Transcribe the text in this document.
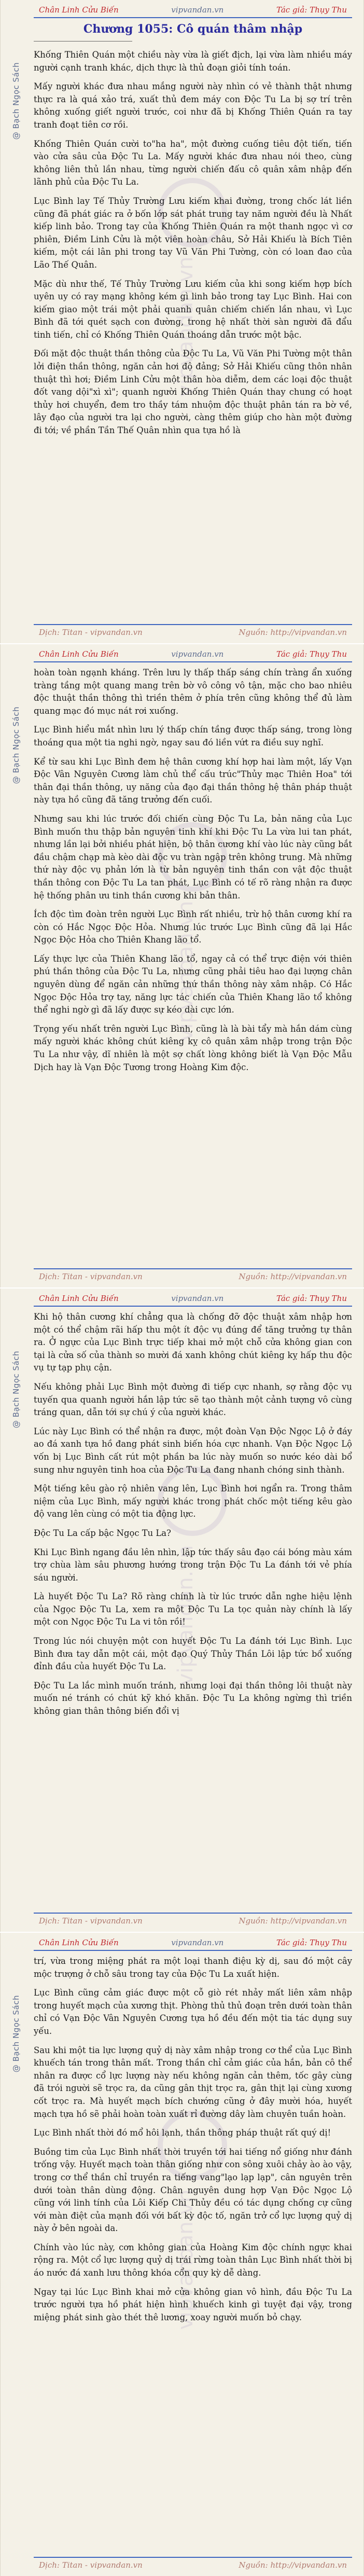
@ Bạch Ngọc Sách
vipvandan.vn
Chân Linh Cửu Biến	vipvandan.vn	Tác giả: Thụy Thu
Chương 1055: Cô quán thâm nhập

Khống Thiên Quán một chiều này vừa là giết địch, lại vừa làm nhiều máy người cạnh tranh khác, dịch thực là thủ đoạn giỏi tính toán.

Mấy người khác đưa nhau mắng người này nhìn có vẻ thành thật nhưng thực ra là quá xảo trá, xuất thủ đem máy con Độc Tu La bị sợ trí trên không xuống giết người trước, coi như đã bị Khống Thiên Quán ra tay tranh đoạt tiên cơ rồi.

Khống Thiên Quán cười to"ha ha", một đường cuống tiêu đột tiến, tiến vào cửa sâu của Độc Tu La. Mấy người khác đưa nhau nói theo, cùng không liên thủ lần nhau, từng người chiến đấu cô quân xâm nhập đến lãnh phủ của Độc Tu La.

Lục Bình lay Tế Thủy Trường Lưu kiếm khai đường, trong chốc lát liền cũng đã phát giác ra ở bốn lớp sát phát trung tay năm người đều là Nhất kiếp linh bảo. Trong tay của Khống Thiên Quán ra một thanh ngọc vì cơ phiên, Điềm Linh Cửu là một viên hoàn châu, Sở Hải Khiếu là Bích Tiên kiếm, một cái lân phi trong tay Vũ Văn Phi Tường, còn có loan đao của Lão Thế Quân.

Mặc dù như thế, Tế Thủy Trường Lưu kiếm của khi song kiếm hợp bích uyên uy có ray mạng không kém gì linh bảo trong tay Lục Bình. Hai con kiếm giao một trái một phải quanh quân chiếm chiến lần nhau, vì Lục Bình đã tới quét sạch con đường, trong hệ nhất thời sàn người đã đẩu tinh tiến, chỉ có Khống Thiên Quán thoáng dẫn trước một bậc.

Đối mặt độc thuật thần thông của Độc Tu La, Vũ Văn Phi Tường một thân lởi điện thần thông, ngăn cản hơi độ đảng; Sở Hải Khiếu cũng thôn nhân thuật thì hơi; Điềm Linh Cửu một thân hòa diễm, dem các loại độc thuật đốt vang dội"xì xì"; quanh người Khống Thiên Quán thay chung có hoạt thủy hơi chuyển, đem tro thầy tám nhuộm độc thuật phân tán ra bờ về, lây đạo của người tra lại cho người, càng thêm giúp cho hàn một đường đi tới; về phần Tần Thế Quân nhìn qua tựa hồ là

Dịch: Titan - vipvandan.vn	Nguồn: http://vipvandan.vn
@ Bạch Ngọc Sách
vipvandan.vn
Chân Linh Cửu Biến	vipvandan.vn	Tác giả: Thụy Thu

hoàn toàn ngạnh kháng. Trên lưu ly thấp thấp sáng chín tràng ẩn xuống tràng tầng một quang mang trên bờ vô công vô tận, mặc cho bao nhiêu độc thuật thần thông thì triền thêm ở phía trên cũng không thể đủ làm quang mạc đó mục nát rơi xuống.

Lục Bình hiểu mắt nhìn lưu lý thấp chín tầng được thấp sáng, trong lòng thoáng qua một tia nghi ngờ, ngay sau đó liền vứt ra điều suy nghĩ.

Kể từ sau khi Lục Bình đem hệ thân cương khí hợp hai làm một, lấy Vạn Độc Vân Nguyên Cương làm chủ thể cấu trúc"Thủy mạc Thiên Hoa" tới thân đại thần thông, uy năng của đạo đại thần thông hệ thân pháp thuật này tựa hồ cũng đã tăng trưởng đến cuối.

Nhưng sau khi lúc trước đối chiến cùng Độc Tu La, bản năng của Lục Bình muốn thu thập bản nguyên tinh khí khi Độc Tu La vừa lui tan phát, nhưng lần lại bởi nhiều phát hiện, bộ thân cương khí vào lúc này cũng bắt đầu chậm chạp mà kèo dài độc vu tràn ngập trên không trung. Mà những thứ này độc vụ phản lớn là từ bản nguyên tinh thần con vật độc thuật thần thông con Độc Tu La tan phát, Lục Bình có tế rõ ràng nhận ra được hệ thống phân ưu tinh thần cương khi bản thân.

Ích độc tìm đoàn trên người Lục Bình rất nhiều, trừ hộ thân cương khí ra còn có Hắc Ngọc Độc Hỏa. Nhưng lúc trước Lục Bình cũng đã lại Hắc Ngọc Độc Hỏa cho Thiên Khang lão tổ.

Lấy thực lực của Thiên Khang lão tổ, ngay cả có thể trực điện với thiên phú thần thông của Độc Tu La, nhưng cũng phải tiêu hao đại lượng chân nguyên dùng để ngăn cản những thứ thần thông này xâm nhập. Có Hắc Ngọc Độc Hỏa trợ tay, năng lực tác chiến của Thiên Khang lão tổ không thể nghi ngờ gì đã lấy được sự kéo dài cực lớn.

Trọng yếu nhất trên người Lục Bình, cũng là là bài tẩy mà hắn dám cùng mấy người khác không chút kiêng kỵ cô quân xâm nhập trong trận Độc Tu La như vậy, dĩ nhiên là một sợ chất lòng không biết là Vạn Độc Mẫu Dịch hay là Vạn Độc Tương trong Hoàng Kim độc.

Dịch: Titan - vipvandan.vn	Nguồn: http://vipvandan.vn
@ Bạch Ngọc Sách
vipvandan.vn
Chân Linh Cửu Biến	vipvandan.vn	Tác giả: Thụy Thu

Khi hộ thân cương khí chẳng qua là chống đỡ độc thuật xâm nhập hơn một có thể chậm rãi hấp thu một ít độc vụ đúng để tăng trưởng tự thân ra. Ở ngực của Lục Bình trực tiếp khai mở một chỗ cửa không gian con tại là cửa số của thành so mười đá xanh không chút kiêng kỵ hấp thu độc vụ tự tạp phụ cận.

Nếu không phải Lục Bình một đường đi tiếp cực nhanh, sợ rằng độc vụ tuyến qua quanh người hắn lập tức sẽ tạo thành một cảnh tượng vô cùng tráng quan, dẫn tới sự chú ý của người khác.

Lúc này Lục Bình có thể nhận ra được, một đoàn Vạn Độc Ngọc Lộ ở đáy ao đá xanh tựa hồ đang phát sinh biến hóa cực nhanh. Vạn Độc Ngọc Lộ vốn bị Lục Bình cất rút một phần ba lúc này muốn so nước kéo dài bổ sung như nguyên tinh hoa của Độc Tu La đang nhanh chóng sinh thành.

Một tiếng kêu gào rộ nhiên vang lên, Lục Bình hơi ngẩn ra. Trong thâm niệm của Lục Bình, mấy người khác trong phát chốc một tiếng kêu gào độ vang lên cùng có một tia động lực.

Độc Tu La cấp bậc Ngọc Tu La?

Khi Lục Bình ngang đầu lên nhìn, lập tức thấy sâu đạo cái bóng màu xám trợ chùa làm sâu phương hướng trong trận Độc Tu La đánh tới vẻ phía sáu người.

Là huyết Độc Tu La? Rõ ràng chính là từ lúc trước dẫn nghe hiệu lệnh của Ngọc Độc Tu La, xem ra một Độc Tu La tọc quản này chính là lấy một con Ngọc Độc Tu La vi tôn rồi!

Trong lúc nói chuyện một con huyết Độc Tu La đánh tới Lục Bình. Lục Bình đưa tay dẫn một cái, một đạo Quý Thủy Thần Lôi lập tức bổ xuống đỉnh đầu của huyết Độc Tu La.

Độc Tu La lắc mình muốn tránh, nhưng loại đại thần thông lôi thuật này muốn né tránh có chút kỹ khó khăn. Độc Tu La không ngừng thì triền không gian thân thông biến đổi vị

Dịch: Titan - vipvandan.vn	Nguồn: http://vipvandan.vn
@ Bạch Ngọc Sách
vipvandan.vn
Chân Linh Cửu Biến	vipvandan.vn	Tác giả: Thụy Thu

trí, vừa trong miệng phát ra một loại thanh điệu kỳ dị, sau đó một cây mộc trượng ở chỗ sâu trong tay của Độc Tu La xuất hiện.

Lục Bình cũng cảm giác được một cỗ giò rét nhảy mất liên xâm nhập trong huyết mạch của xương thịt. Phòng thủ thủ đoạn trên dưới toàn thân chỉ có Vạn Độc Vân Nguyên Cương tựa hồ đều đến một tia tác dụng suy yếu.

Sau khi một tia lực lượng quỷ dị này xâm nhập trong cơ thể của Lục Bình khuếch tán trong thân mất. Trong thần chỉ cảm giác của hắn, bản cô thể nhân ra được cổ lực lượng này nếu không ngăn cản thêm, tốc gây cùng đã trói người sẽ trọc ra, da cũng gân thịt trọc ra, gân thịt lại cùng xương cốt trọc ra. Mà huyết mạch bích chướng cũng ở đây mười hóa, huyết mạch tựa hồ sẽ phải hoàn toàn xuất rỉ đường dây làm chuyên tuần hoàn.

Lục Bình nhất thời đó mổ hôi lạnh, thần thông pháp thuật rất quý dị!

Buồng tim của Lục Bình nhất thời truyền tới hai tiếng nổ giống như đánh trống vậy. Huyết mạch toàn thân giống như con sông xuôi chảy ào ào vậy, trong cơ thể thần chỉ truyền ra tiếng vang"lạo lạp lạp", cân nguyên trên dưới toàn thân dùng động. Chân nguyên dung hợp Vạn Độc Ngọc Lộ cũng với linh tính của Lôi Kiếp Chi Thủy đều có tác dụng chống cự cũng với màn điệt của mạnh đối với bất kỳ độc tố, ngăn trở cổ lực lượng quỷ dị này ở bên ngoài da.

Chính vào lúc này, cơn không gian của Hoàng Kim độc chính ngực khai rộng ra. Một cổ lực lượng quỷ dị trái rừng toàn thân Lục Bình nhất thời bị áo nước đá xanh lưu thông khóa cổn quy kỳ dễ dàng.

Ngay tại lúc Lục Bình khai mở cửa không gian vô hình, đầu Độc Tu La trước người tựa hồ phát hiện hình khuếch kinh gì tuyệt đại vậy, trong miệng phát sinh gào thét thê lương, xoay người muốn bỏ chạy.

Dịch: Titan - vipvandan.vn	Nguồn: http://vipvandan.vn
